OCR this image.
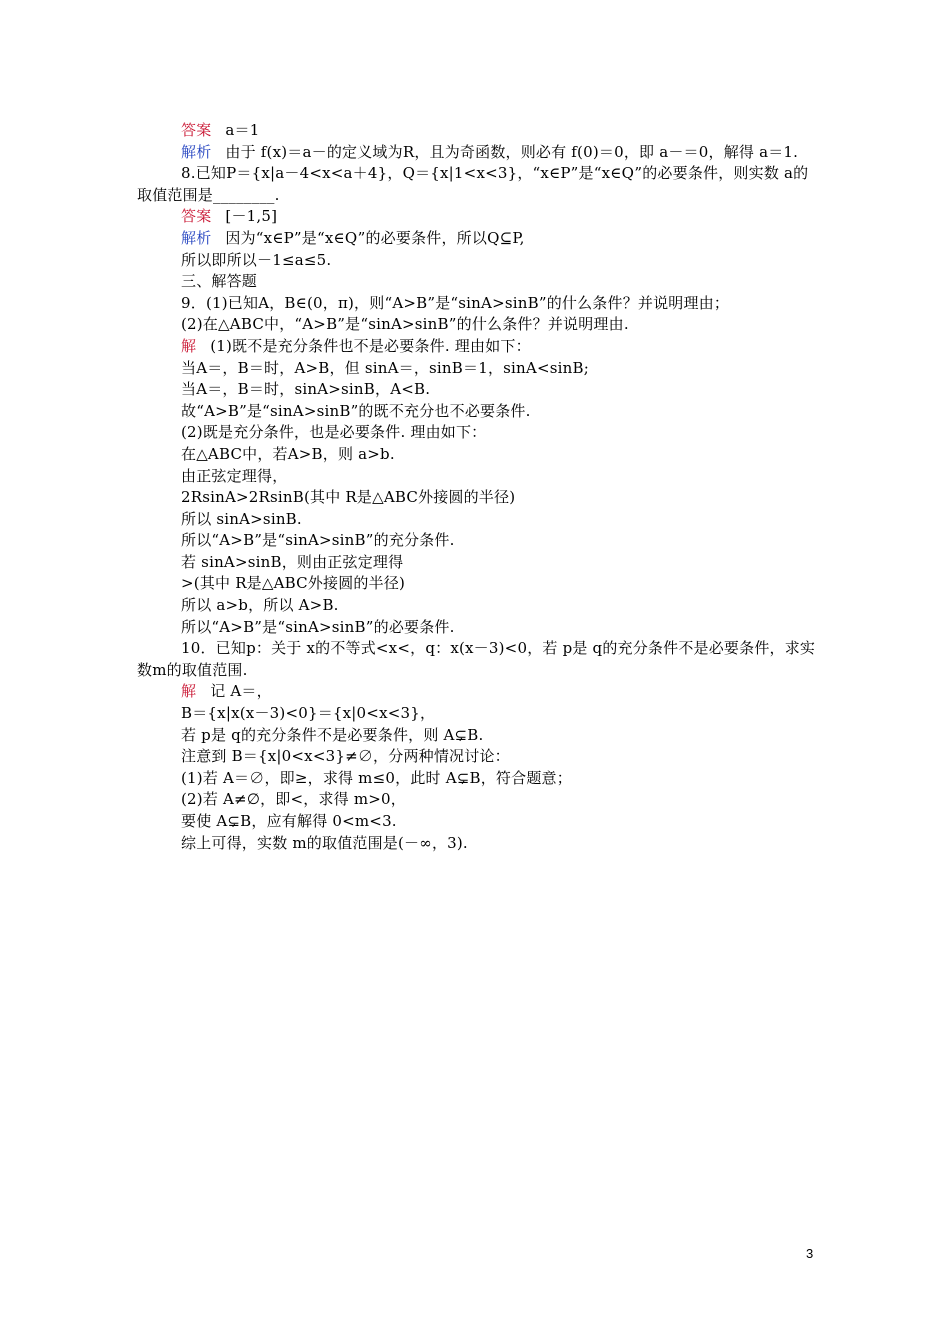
答案 a＝1
解析 由于 f(x)＝a－的定义域为R，且为奇函数，则必有 f(0)＝0，即 a－＝0，解得 a＝1.
8.已知P＝{x|a－4<x<a＋4}，Q＝{x|1<x<3}，“x∈P”是“x∈Q”的必要条件，则实数 a的取值范围是________.
答案 [－1,5]
解析 因为“x∈P”是“x∈Q”的必要条件，所以Q⊆P,
所以即所以－1≤a≤5.
三、解答题
9．(1)已知A，B∈(0，π)，则“A>B”是“sinA>sinB”的什么条件？并说明理由；
(2)在△ABC中，“A>B”是“sinA>sinB”的什么条件？并说明理由.
解 (1)既不是充分条件也不是必要条件. 理由如下：
当A＝，B＝时，A>B，但 sinA＝，sinB＝1，sinA<sinB;
当A＝，B＝时，sinA>sinB，A<B.
故“A>B”是“sinA>sinB”的既不充分也不必要条件.
(2)既是充分条件，也是必要条件. 理由如下：
在△ABC中，若A>B，则 a>b.
由正弦定理得，
2RsinA>2RsinB(其中 R是△ABC外接圆的半径)
所以 sinA>sinB.
所以“A>B”是“sinA>sinB”的充分条件.
若 sinA>sinB，则由正弦定理得
>(其中 R是△ABC外接圆的半径)
所以 a>b，所以 A>B.
所以“A>B”是“sinA>sinB”的必要条件.
10．已知p：关于 x的不等式<x<，q：x(x－3)<0，若 p是 q的充分条件不是必要条件，求实数m的取值范围.
解 记 A＝，
B＝{x|x(x－3)<0}＝{x|0<x<3}，
若 p是 q的充分条件不是必要条件，则 A⊊B.
注意到 B＝{x|0<x<3}≠∅，分两种情况讨论：
(1)若 A＝∅，即≥，求得 m≤0，此时 A⊊B，符合题意；
(2)若 A≠∅，即<，求得 m>0，
要使 A⊊B，应有解得 0<m<3.
综上可得，实数 m的取值范围是(－∞，3).
3
